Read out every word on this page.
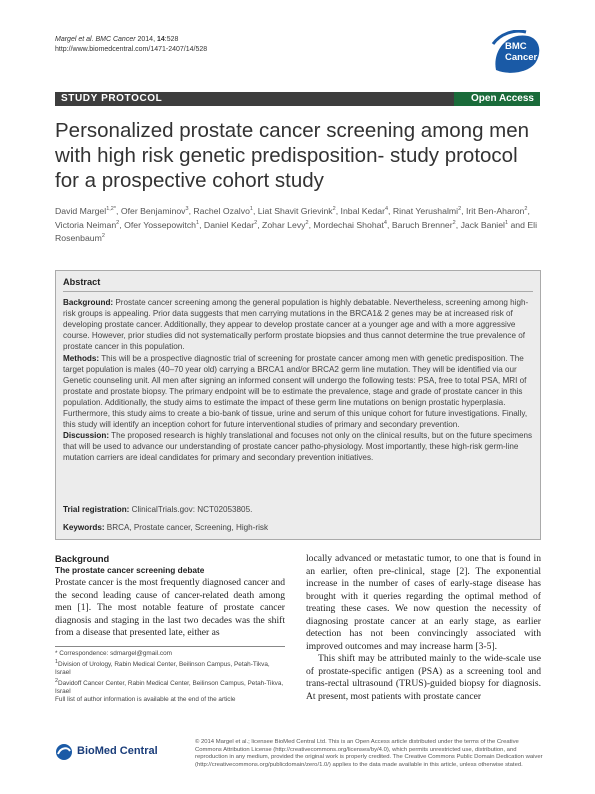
Margel et al. BMC Cancer 2014, 14:528
http://www.biomedcentral.com/1471-2407/14/528	BMC
Cancer
STUDY PROTOCOL	Open Access
Personalized prostate cancer screening among men with high risk genetic predisposition- study protocol for a prospective cohort study
David Margel$^{1,2*}$, Ofer Benjaminov$^3$, Rachel Ozalvo$^1$, Liat Shavit Grievink$^2$, Inbal Kedar$^4$, Rinat Yerushalmi$^2$, Irit Ben-Aharon$^2$, Victoria Neiman$^2$, Ofer Yossepowitch$^1$, Daniel Kedar$^2$, Zohar Levy$^2$, Mordechai Shohat$^4$, Baruch Brenner$^2$, Jack Baniel$^1$ and Eli Rosenbaum$^2$
Abstract

Background: Prostate cancer screening among the general population is highly debatable. Nevertheless, screening among high-risk groups is appealing. Prior data suggests that men carrying mutations in the BRCA1& 2 genes may be at increased risk of developing prostate cancer. Additionally, they appear to develop prostate cancer at a younger age and with a more aggressive course. However, prior studies did not systematically perform prostate biopsies and thus cannot determine the true prevalence of prostate cancer in this population.

Methods: This will be a prospective diagnostic trial of screening for prostate cancer among men with genetic predisposition. The target population is males (40–70 year old) carrying a BRCA1 and/or BRCA2 germ line mutation. They will be identified via our Genetic counseling unit. All men after signing an informed consent will undergo the following tests: PSA, free to total PSA, MRI of prostate and prostate biopsy. The primary endpoint will be to estimate the prevalence, stage and grade of prostate cancer in this population. Additionally, the study aims to estimate the impact of these germ line mutations on benign prostatic hyperplasia. Furthermore, this study aims to create a bio-bank of tissue, urine and serum of this unique cohort for future investigations. Finally, this study will identify an inception cohort for future interventional studies of primary and secondary prevention.

Discussion: The proposed research is highly translational and focuses not only on the clinical results, but on the future specimens that will be used to advance our understanding of prostate cancer patho-physiology. Most importantly, these high-risk germ-line mutation carriers are ideal candidates for primary and secondary prevention initiatives.

Trial registration: ClinicalTrials.gov: NCT02053805.

Keywords: BRCA, Prostate cancer, Screening, High-risk

Background
The prostate cancer screening debate

Prostate cancer is the most frequently diagnosed cancer and the second leading cause of cancer-related death among men [1]. The most notable feature of prostate cancer diagnosis and staging in the last two decades was the shift from a disease that presented late, either as

locally advanced or metastatic tumor, to one that is found in an earlier, often pre-clinical, stage [2]. The exponential increase in the number of cases of early-stage disease has brought with it queries regarding the optimal method of treating these cases. We now question the necessity of diagnosing prostate cancer at an early stage, as earlier detection has not been convincingly associated with improved outcomes and may increase harm [3-5].

This shift may be attributed mainly to the wide-scale use of prostate-specific antigen (PSA) as a screening tool and trans-rectal ultrasound (TRUS)-guided biopsy for diagnosis. At present, most patients with prostate cancer

* Correspondence: sdmargel@gmail.com

$^1$Division of Urology, Rabin Medical Center, Beilinson Campus, Petah-Tikva, Israel

$^2$Davidoff Cancer Center, Rabin Medical Center, Beilinson Campus, Petah-Tikva, Israel

Full list of author information is available at the end of the article

BioMed Central
© 2014 Margel et al.; licensee BioMed Central Ltd. This is an Open Access article distributed under the terms of the Creative Commons Attribution License (http://creativecommons.org/licenses/by/4.0), which permits unrestricted use, distribution, and reproduction in any medium, provided the original work is properly credited. The Creative Commons Public Domain Dedication waiver (http://creativecommons.org/publicdomain/zero/1.0/) applies to the data made available in this article, unless otherwise stated.
